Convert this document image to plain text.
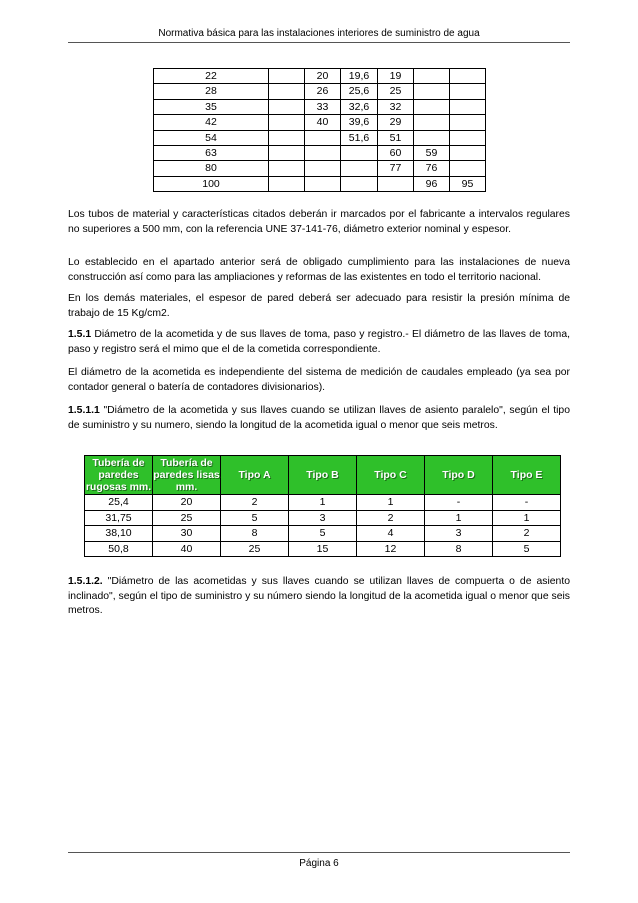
Normativa básica para las instalaciones interiores de suministro de agua
22		20	19,6	19		
28		26	25,6	25		
35		33	32,6	32		
42		40	39,6	29		
54			51,6	51		
63				60	59	
80				77	76	
100					96	95

Los tubos de material y características citados deberán ir marcados por el fabricante a intervalos regulares no superiores a 500 mm, con la referencia UNE 37-141-76, diámetro exterior nominal y espesor.

Lo establecido en el apartado anterior será de obligado cumplimiento para las instalaciones de nueva construcción así como para las ampliaciones y reformas de las existentes en todo el territorio nacional.

En los demás materiales, el espesor de pared deberá ser adecuado para resistir la presión mínima de trabajo de 15 Kg/cm2.

1.5.1 Diámetro de la acometida y de sus llaves de toma, paso y registro.- El diámetro de las llaves de toma, paso y registro será el mimo que el de la cometida correspondiente.

El diámetro de la acometida es independiente del sistema de medición de caudales empleado (ya sea por contador general o batería de contadores divisionarios).

1.5.1.1 "Diámetro de la acometida y sus llaves cuando se utilizan llaves de asiento paralelo", según el tipo de suministro y su numero, siendo la longitud de la acometida igual o menor que seis metros.

Tubería de
paredes
rugosas mm.	Tubería de
paredes lisas
mm.	Tipo A	Tipo B	Tipo C	Tipo D	Tipo E
25,4	20	2	1	1	-	-
31,75	25	5	3	2	1	1
38,10	30	8	5	4	3	2
50,8	40	25	15	12	8	5

1.5.1.2. "Diámetro de las acometidas y sus llaves cuando se utilizan llaves de compuerta o de asiento inclinado", según el tipo de suministro y su número siendo la longitud de la acometida igual o menor que seis metros.

Página 6
